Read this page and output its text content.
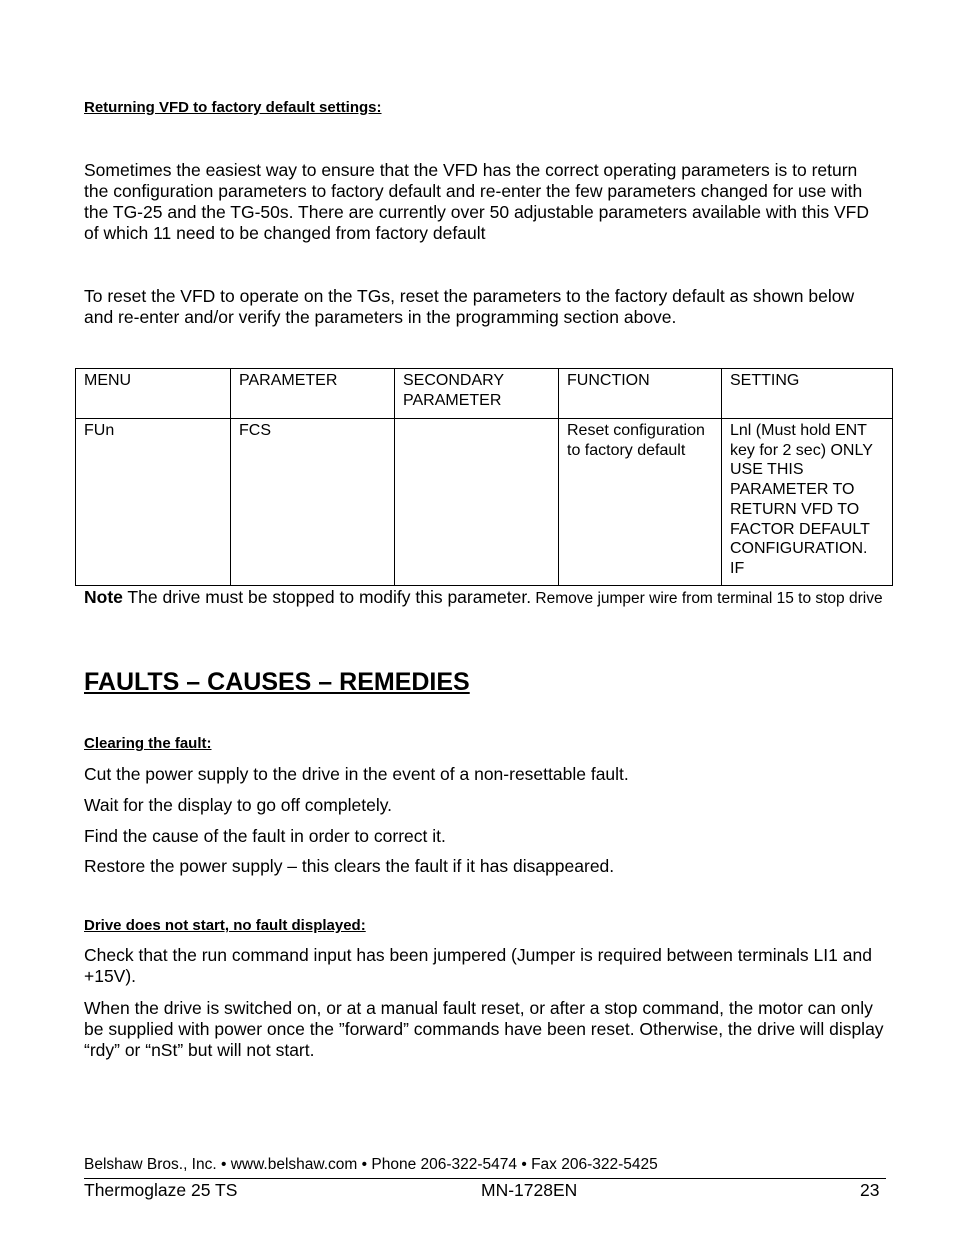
Returning VFD to factory default settings:
Sometimes the easiest way to ensure that the VFD has the correct operating parameters is to return the configuration parameters to factory default and re-enter the few parameters changed for use with the TG-25 and the TG-50s. There are currently over 50 adjustable parameters available with this VFD of which 11 need to be changed from factory default
To reset the VFD to operate on the TGs, reset the parameters to the factory default as shown below and re-enter and/or verify the parameters in the programming section above.
MENU	PARAMETER	SECONDARY PARAMETER	FUNCTION	SETTING
FUn	FCS		Reset configuration to factory default	Lnl (Must hold ENT key for 2 sec) ONLY USE THIS PARAMETER TO RETURN VFD TO FACTOR DEFAULT CONFIGURATION. IF
Note The drive must be stopped to modify this parameter. Remove jumper wire from terminal 15 to stop drive
FAULTS – CAUSES – REMEDIES
Clearing the fault:
Cut the power supply to the drive in the event of a non-resettable fault.
Wait for the display to go off completely.
Find the cause of the fault in order to correct it.
Restore the power supply – this clears the fault if it has disappeared.
Drive does not start, no fault displayed:
Check that the run command input has been jumpered (Jumper is required between terminals LI1 and +15V).
When the drive is switched on, or at a manual fault reset, or after a stop command, the motor can only be supplied with power once the ”forward” commands have been reset. Otherwise, the drive will display “rdy” or “nSt” but will not start.
Belshaw Bros., Inc. • www.belshaw.com • Phone 206-322-5474 • Fax 206-322-5425
Thermoglaze 25 TS	MN-1728EN	23
